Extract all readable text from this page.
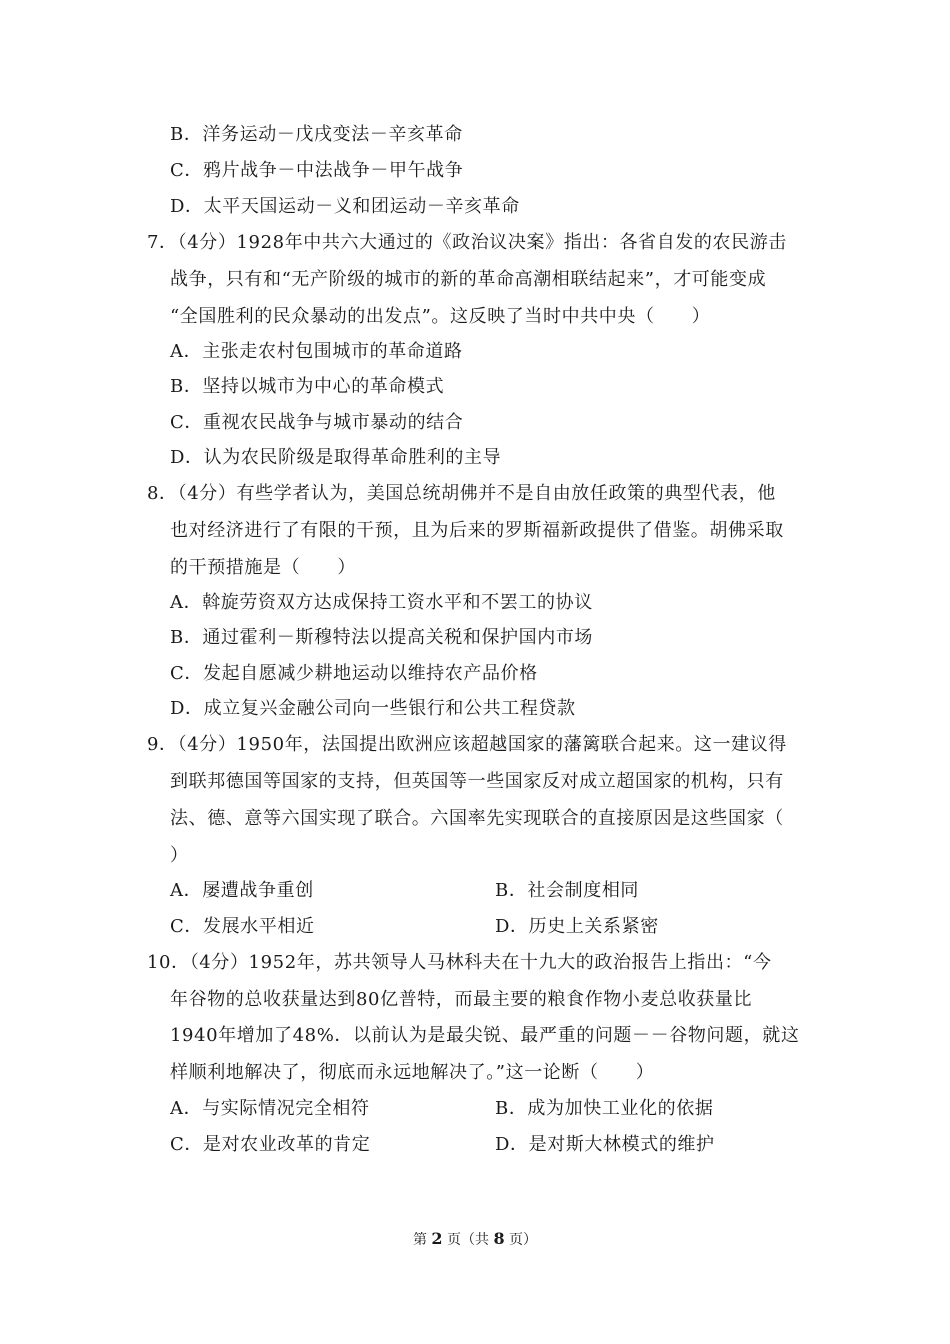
B．洋务运动－戊戌变法－辛亥革命
C．鸦片战争－中法战争－甲午战争
D．太平天国运动－义和团运动－辛亥革命
7．（4分）1928年中共六大通过的《政治议决案》指出：各省自发的农民游击
战争，只有和“无产阶级的城市的新的革命高潮相联结起来”，才可能变成
“全国胜利的民众暴动的出发点”。这反映了当时中共中央（　　）
A．主张走农村包围城市的革命道路
B．坚持以城市为中心的革命模式
C．重视农民战争与城市暴动的结合
D．认为农民阶级是取得革命胜利的主导
8．（4分）有些学者认为，美国总统胡佛并不是自由放任政策的典型代表，他
也对经济进行了有限的干预，且为后来的罗斯福新政提供了借鉴。胡佛采取
的干预措施是（　　）
A．斡旋劳资双方达成保持工资水平和不罢工的协议
B．通过霍利－斯穆特法以提高关税和保护国内市场
C．发起自愿减少耕地运动以维持农产品价格
D．成立复兴金融公司向一些银行和公共工程贷款
9．（4分）1950年，法国提出欧洲应该超越国家的藩篱联合起来。这一建议得
到联邦德国等国家的支持，但英国等一些国家反对成立超国家的机构，只有
法、德、意等六国实现了联合。六国率先实现联合的直接原因是这些国家（
）
A．屡遭战争重创	B．社会制度相同
C．发展水平相近	D．历史上关系紧密
10．（4分）1952年，苏共领导人马林科夫在十九大的政治报告上指出：“今
年谷物的总收获量达到80亿普特，而最主要的粮食作物小麦总收获量比
1940年增加了48%．以前认为是最尖锐、最严重的问题－－谷物问题，就这
样顺利地解决了，彻底而永远地解决了。”这一论断（　　）
A．与实际情况完全相符	B．成为加快工业化的依据
C．是对农业改革的肯定	D．是对斯大林模式的维护
第 2 页（共 8 页）
